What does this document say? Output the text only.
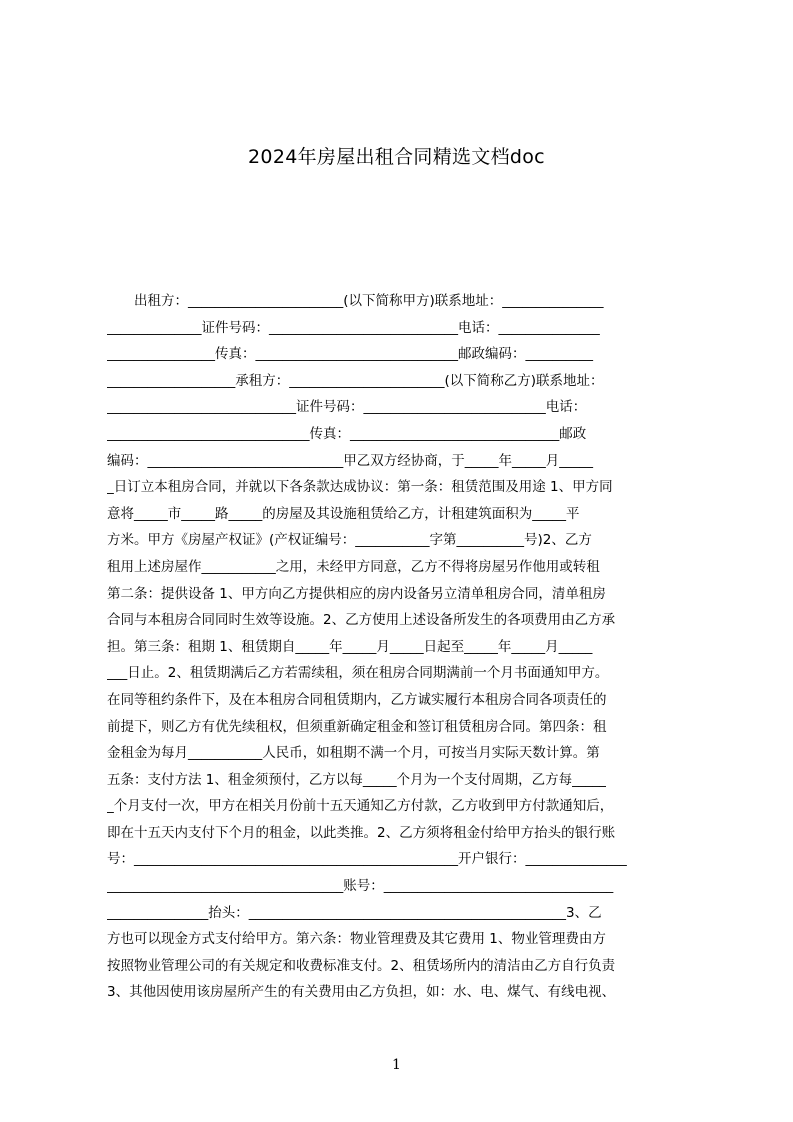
2024年房屋出租合同精选文档doc
　　出租方：_______________________(以下简称甲方)联系地址：_______________
______________证件号码：____________________________电话：_______________
________________传真：______________________________邮政编码：__________
___________________承租方：_______________________(以下简称乙方)联系地址：
____________________________证件号码：___________________________电话：
______________________________传真：_______________________________邮政
编码：_____________________________甲乙双方经协商，于_____年_____月_____
_日订立本租房合同，并就以下各条款达成协议：第一条：租赁范围及用途 1、甲方同
意将_____市_____路_____的房屋及其设施租赁给乙方，计租建筑面积为_____平
方米。甲方《房屋产权证》(产权证编号：___________字第__________号)2、乙方
租用上述房屋作___________之用，未经甲方同意，乙方不得将房屋另作他用或转租
第二条：提供设备 1、甲方向乙方提供相应的房内设备另立清单租房合同，清单租房
合同与本租房合同同时生效等设施。2、乙方使用上述设备所发生的各项费用由乙方承
担。第三条：租期 1、租赁期自_____年_____月_____日起至_____年_____月_____
___日止。2、租赁期满后乙方若需续租，须在租房合同期满前一个月书面通知甲方。
在同等租约条件下，及在本租房合同租赁期内，乙方诚实履行本租房合同各项责任的
前提下，则乙方有优先续租权，但须重新确定租金和签订租赁租房合同。第四条：租
金租金为每月___________人民币，如租期不满一个月，可按当月实际天数计算。第
五条：支付方法 1、租金须预付，乙方以每_____个月为一个支付周期，乙方每_____
_个月支付一次，甲方在相关月份前十五天通知乙方付款，乙方收到甲方付款通知后，
即在十五天内支付下个月的租金，以此类推。2、乙方须将租金付给甲方抬头的银行账
号：________________________________________________开户银行：_______________
___________________________________账号：__________________________________
_______________抬头：_______________________________________________3、乙
方也可以现金方式支付给甲方。第六条：物业管理费及其它费用 1、物业管理费由方
按照物业管理公司的有关规定和收费标准支付。2、租赁场所内的清洁由乙方自行负责
3、其他因使用该房屋所产生的有关费用由乙方负担，如：水、电、煤气、有线电视、
1
